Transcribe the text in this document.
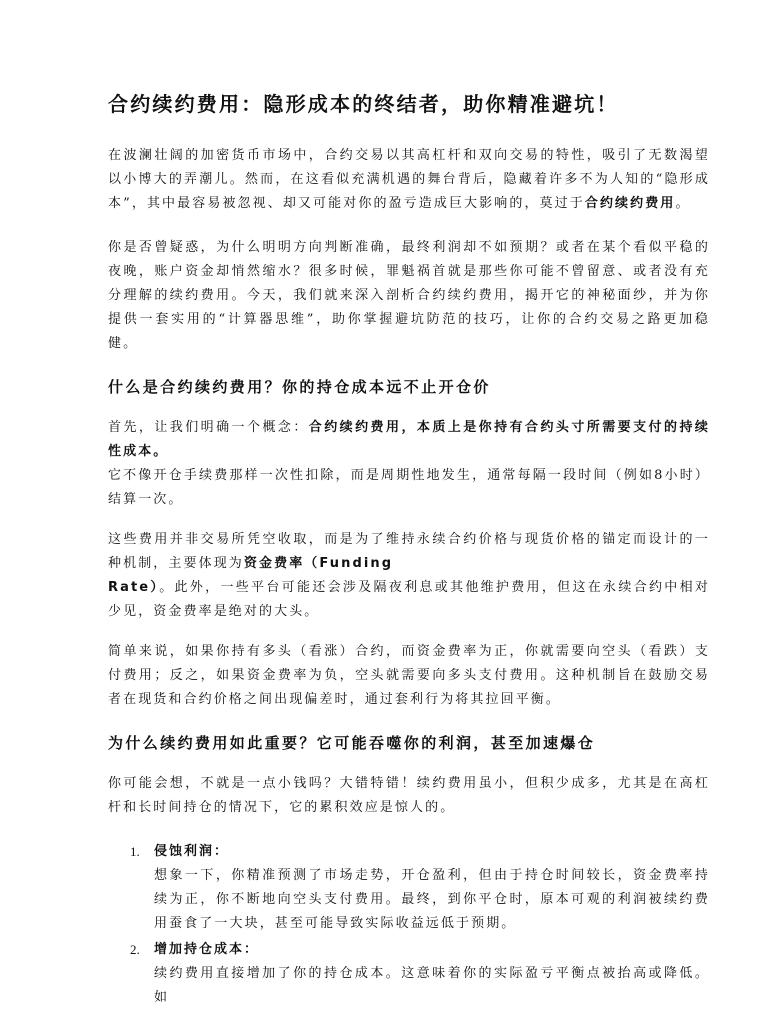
合约续约费用：隐形成本的终结者，助你精准避坑！

在波澜壮阔的加密货币市场中，合约交易以其高杠杆和双向交易的特性，吸引了无数渴望以小博大的弄潮儿。然而，在这看似充满机遇的舞台背后，隐藏着许多不为人知的“隐形成本”，其中最容易被忽视、却又可能对你的盈亏造成巨大影响的，莫过于合约续约费用。

你是否曾疑惑，为什么明明方向判断准确，最终利润却不如预期？或者在某个看似平稳的夜晚，账户资金却悄然缩水？很多时候，罪魁祸首就是那些你可能不曾留意、或者没有充分理解的续约费用。今天，我们就来深入剖析合约续约费用，揭开它的神秘面纱，并为你提供一套实用的“计算器思维”，助你掌握避坑防范的技巧，让你的合约交易之路更加稳健。

什么是合约续约费用？你的持仓成本远不止开仓价

首先，让我们明确一个概念：合约续约费用，本质上是你持有合约头寸所需要支付的持续性成本。
它不像开仓手续费那样一次性扣除，而是周期性地发生，通常每隔一段时间（例如8小时）结算一次。

这些费用并非交易所凭空收取，而是为了维持永续合约价格与现货价格的锚定而设计的一种机制，主要体现为资金费率（Funding
Rate）。此外，一些平台可能还会涉及隔夜利息或其他维护费用，但这在永续合约中相对少见，资金费率是绝对的大头。

简单来说，如果你持有多头（看涨）合约，而资金费率为正，你就需要向空头（看跌）支付费用；反之，如果资金费率为负，空头就需要向多头支付费用。这种机制旨在鼓励交易者在现货和合约价格之间出现偏差时，通过套利行为将其拉回平衡。

为什么续约费用如此重要？它可能吞噬你的利润，甚至加速爆仓

你可能会想，不就是一点小钱吗？大错特错！续约费用虽小，但积少成多，尤其是在高杠杆和长时间持仓的情况下，它的累积效应是惊人的。

1. 侵蚀利润：
想象一下，你精准预测了市场走势，开仓盈利，但由于持仓时间较长，资金费率持续为正，你不断地向空头支付费用。最终，到你平仓时，原本可观的利润被续约费用蚕食了一大块，甚至可能导致实际收益远低于预期。
2. 增加持仓成本：
续约费用直接增加了你的持仓成本。这意味着你的实际盈亏平衡点被抬高或降低。如
